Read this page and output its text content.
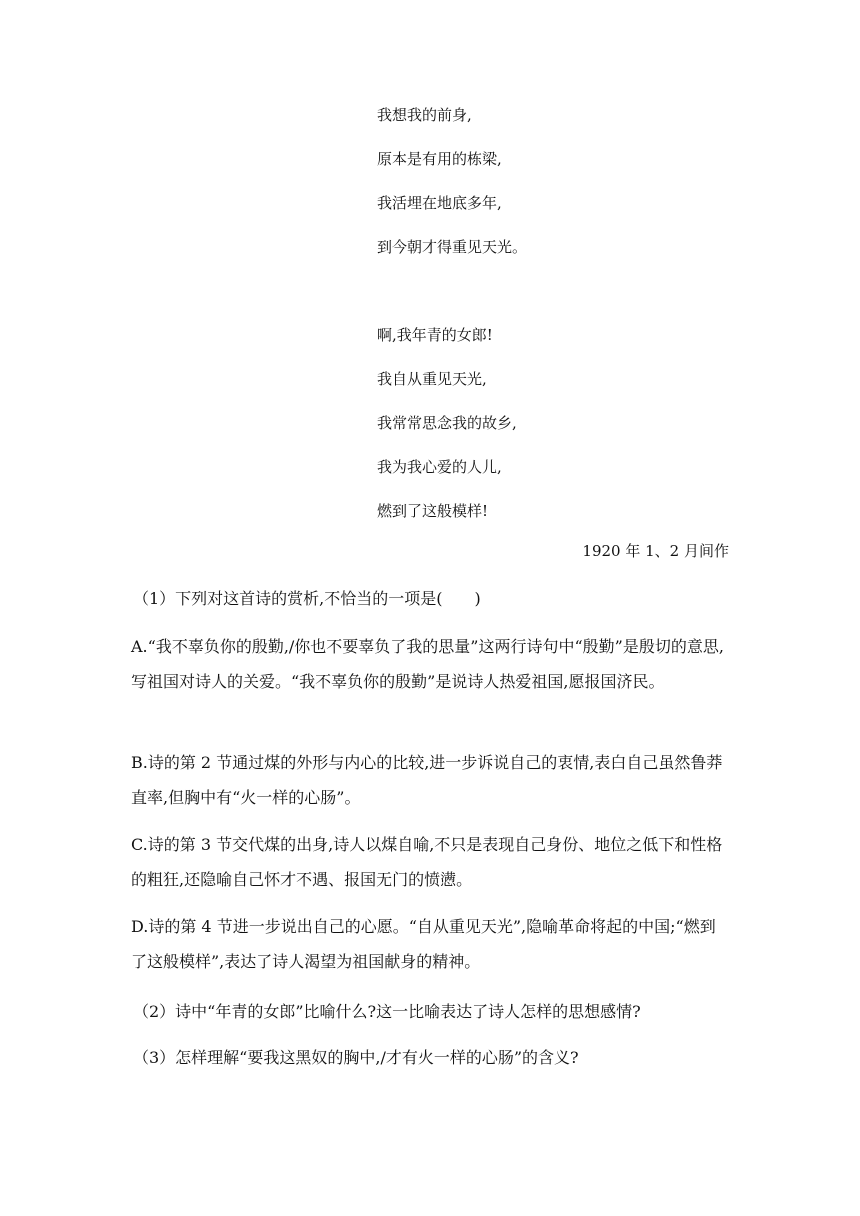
我想我的前身,
原本是有用的栋梁,
我活埋在地底多年,
到今朝才得重见天光。
啊,我年青的女郎!
我自从重见天光,
我常常思念我的故乡,
我为我心爱的人儿,
燃到了这般模样!
1920 年 1、2 月间作
（1）下列对这首诗的赏析,不恰当的一项是(　　)
A.“我不辜负你的殷勤,/你也不要辜负了我的思量”这两行诗句中“殷勤”是殷切的意思,写祖国对诗人的关爱。“我不辜负你的殷勤”是说诗人热爱祖国,愿报国济民。
B.诗的第 2 节通过煤的外形与内心的比较,进一步诉说自己的衷情,表白自己虽然鲁莽直率,但胸中有“火一样的心肠”。
C.诗的第 3 节交代煤的出身,诗人以煤自喻,不只是表现自己身份、地位之低下和性格的粗狂,还隐喻自己怀才不遇、报国无门的愤懑。
D.诗的第 4 节进一步说出自己的心愿。“自从重见天光”,隐喻革命将起的中国;“燃到了这般模样”,表达了诗人渴望为祖国献身的精神。
（2）诗中“年青的女郎”比喻什么?这一比喻表达了诗人怎样的思想感情?
（3）怎样理解“要我这黑奴的胸中,/才有火一样的心肠”的含义?
